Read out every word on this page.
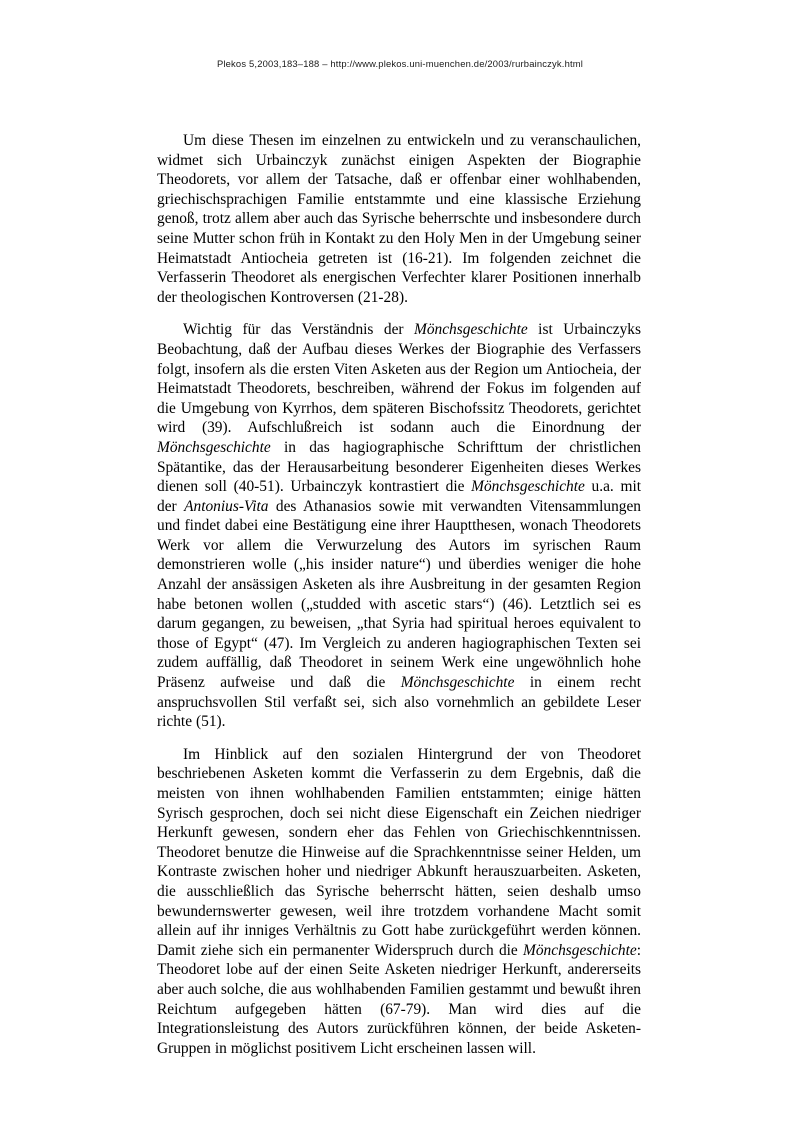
Plekos 5,2003,183–188 – http://www.plekos.uni-muenchen.de/2003/rurbainczyk.html

Um diese Thesen im einzelnen zu entwickeln und zu veranschaulichen, widmet sich Urbainczyk zunächst einigen Aspekten der Biographie Theodorets, vor allem der Tatsache, daß er offenbar einer wohlhabenden, griechischsprachigen Familie entstammte und eine klassische Erziehung genoß, trotz allem aber auch das Syrische beherrschte und insbesondere durch seine Mutter schon früh in Kontakt zu den Holy Men in der Umgebung seiner Heimatstadt Antiocheia getreten ist (16-21). Im folgenden zeichnet die Verfasserin Theodoret als energischen Verfechter klarer Positionen innerhalb der theologischen Kontroversen (21-28).

Wichtig für das Verständnis der Mönchsgeschichte ist Urbainczyks Beobachtung, daß der Aufbau dieses Werkes der Biographie des Verfassers folgt, insofern als die ersten Viten Asketen aus der Region um Antiocheia, der Heimatstadt Theodorets, beschreiben, während der Fokus im folgenden auf die Umgebung von Kyrrhos, dem späteren Bischofssitz Theodorets, gerichtet wird (39). Aufschlußreich ist sodann auch die Einordnung der Mönchsgeschichte in das hagiographische Schrifttum der christlichen Spätantike, das der Herausarbeitung besonderer Eigenheiten dieses Werkes dienen soll (40-51). Urbainczyk kontrastiert die Mönchsgeschichte u.a. mit der Antonius-Vita des Athanasios sowie mit verwandten Vitensammlungen und findet dabei eine Bestätigung eine ihrer Hauptthesen, wonach Theodorets Werk vor allem die Verwurzelung des Autors im syrischen Raum demonstrieren wolle („his insider nature“) und überdies weniger die hohe Anzahl der ansässigen Asketen als ihre Ausbreitung in der gesamten Region habe betonen wollen („studded with ascetic stars“) (46). Letztlich sei es darum gegangen, zu beweisen, „that Syria had spiritual heroes equivalent to those of Egypt“ (47). Im Vergleich zu anderen hagiographischen Texten sei zudem auffällig, daß Theodoret in seinem Werk eine ungewöhnlich hohe Präsenz aufweise und daß die Mönchsgeschichte in einem recht anspruchsvollen Stil verfaßt sei, sich also vornehmlich an gebildete Leser richte (51).

Im Hinblick auf den sozialen Hintergrund der von Theodoret beschriebenen Asketen kommt die Verfasserin zu dem Ergebnis, daß die meisten von ihnen wohlhabenden Familien entstammten; einige hätten Syrisch gesprochen, doch sei nicht diese Eigenschaft ein Zeichen niedriger Herkunft gewesen, sondern eher das Fehlen von Griechischkenntnissen. Theodoret benutze die Hinweise auf die Sprachkenntnisse seiner Helden, um Kontraste zwischen hoher und niedriger Abkunft herauszuarbeiten. Asketen, die ausschließlich das Syrische beherrscht hätten, seien deshalb umso bewundernswerter gewesen, weil ihre trotzdem vorhandene Macht somit allein auf ihr inniges Verhältnis zu Gott habe zurückgeführt werden können. Damit ziehe sich ein permanenter Widerspruch durch die Mönchsgeschichte: Theodoret lobe auf der einen Seite Asketen niedriger Herkunft, andererseits aber auch solche, die aus wohlhabenden Familien gestammt und bewußt ihren Reichtum aufgegeben hätten (67-79). Man wird dies auf die Integrationsleistung des Autors zurückführen können, der beide Asketen-Gruppen in möglichst positivem Licht erscheinen lassen will.
